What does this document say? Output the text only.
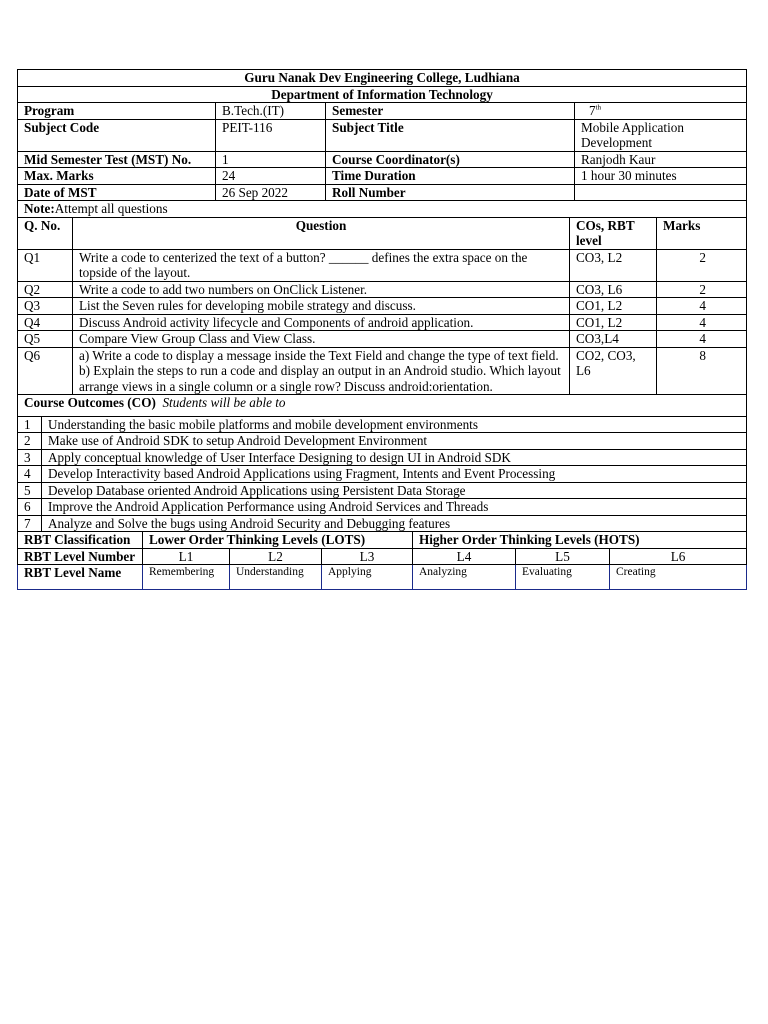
Guru Nanak Dev Engineering College, Ludhiana			
Department of Information Technology			
Program	B.Tech.(IT)	Semester	7th
Subject Code	PEIT-116	Subject Title	Mobile Application Development
Mid Semester Test (MST) No.	1	Course Coordinator(s)	Ranjodh Kaur
Max. Marks	24	Time Duration	1 hour 30 minutes
Date of MST	26 Sep 2022	Roll Number	
Note:Attempt all questions			
Q. No.	Question	COs, RBT level	Marks
Q1	Write a code to centerized the text of a button? ______ defines the extra space on the topside of the layout.	CO3, L2	2
Q2	Write a code to add two numbers on OnClick Listener.	CO3, L6	2
Q3	List the Seven rules for developing mobile strategy and discuss.	CO1, L2	4
Q4	Discuss Android activity lifecycle and Components of android application.	CO1, L2	4
Q5	Compare View Group Class and View Class.	CO3,L4	4
Q6	a) Write a code to display a message inside the Text Field and change the type of text field.
b) Explain the steps to run a code and display an output in an Android studio. Which layout arrange views in a single column or a single row? Discuss android:orientation.	CO2, CO3, L6	8
Course Outcomes (CO) Students will be able to	
1	Understanding the basic mobile platforms and mobile development environments
2	Make use of Android SDK to setup Android Development Environment
3	Apply conceptual knowledge of User Interface Designing to design UI in Android SDK
4	Develop Interactivity based Android Applications using Fragment, Intents and Event Processing
5	Develop Database oriented Android Applications using Persistent Data Storage
6	Improve the Android Application Performance using Android Services and Threads
7	Analyze and Solve the bugs using Android Security and Debugging features
RBT Classification	Lower Order Thinking Levels (LOTS)			Higher Order Thinking Levels (HOTS)		
RBT Level Number	L1	L2	L3	L4	L5	L6
RBT Level Name	Remembering	Understanding	Applying	Analyzing	Evaluating	Creating
